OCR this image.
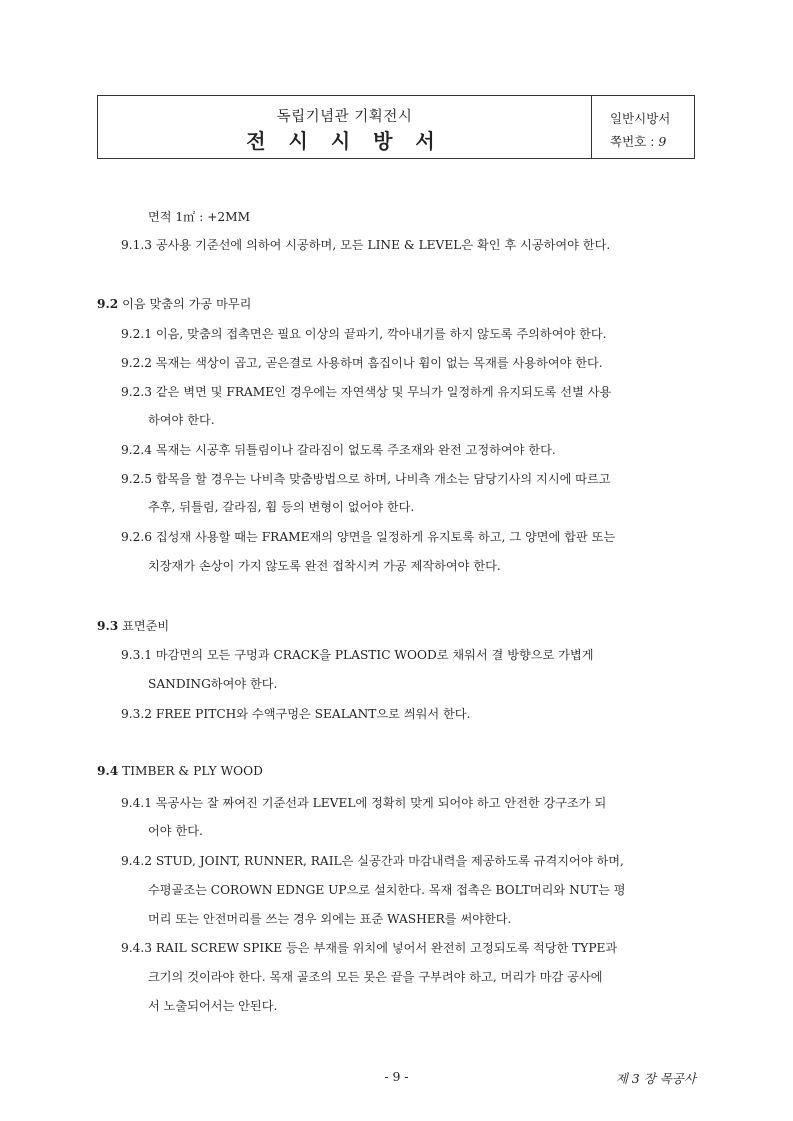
독립기념관 기획전시
전 시 시 방 서
일반시방서
쪽번호 : 9
면적 1㎡ : +2MM
9.1.3 공사용 기준선에 의하여 시공하며, 모든 LINE & LEVEL은 확인 후 시공하여야 한다.
9.2 이음 맞춤의 가공 마무리
9.2.1 이음, 맞춤의 접촉면은 필요 이상의 끝파기, 깍아내기를 하지 않도록 주의하여야 한다.
9.2.2 목재는 색상이 곱고, 곧은결로 사용하며 흠집이나 휨이 없는 목재를 사용하여야 한다.
9.2.3 같은 벽면 및 FRAME인 경우에는 자연색상 및 무늬가 일정하게 유지되도록 선별 사용
하여야 한다.
9.2.4 목재는 시공후 뒤틀림이나 갈라짐이 없도록 주조재와 완전 고정하여야 한다.
9.2.5 합목을 할 경우는 나비측 맞춤방법으로 하며, 나비측 개소는 담당기사의 지시에 따르고
추후, 뒤틀림, 갈라짐, 휨 등의 변형이 없어야 한다.
9.2.6 집성재 사용할 때는 FRAME재의 양면을 일정하게 유지토록 하고, 그 양면에 합판 또는
치장재가 손상이 가지 않도록 완전 접착시켜 가공 제작하여야 한다.
9.3 표면준비
9.3.1 마감면의 모든 구멍과 CRACK을 PLASTIC WOOD로 채워서 결 방향으로 가볍게
SANDING하여야 한다.
9.3.2 FREE PITCH와 수액구멍은 SEALANT으로 씌워서 한다.
9.4 TIMBER & PLY WOOD
9.4.1 목공사는 잘 짜여진 기준선과 LEVEL에 정확히 맞게 되어야 하고 안전한 강구조가 되
어야 한다.
9.4.2 STUD, JOINT, RUNNER, RAIL은 실공간과 마감내력을 제공하도록 규격지어야 하며,
수평골조는 COROWN EDNGE UP으로 설치한다. 목재 접촉은 BOLT머리와 NUT는 평
머리 또는 안전머리를 쓰는 경우 외에는 표준 WASHER를 써야한다.
9.4.3 RAIL SCREW SPIKE 등은 부재를 위치에 넣어서 완전히 고정되도록 적당한 TYPE과
크기의 것이라야 한다. 목재 골조의 모든 못은 끝을 구부려야 하고, 머리가 마감 공사에
서 노출되어서는 안된다.
- 9 -	제 3 장 목공사
